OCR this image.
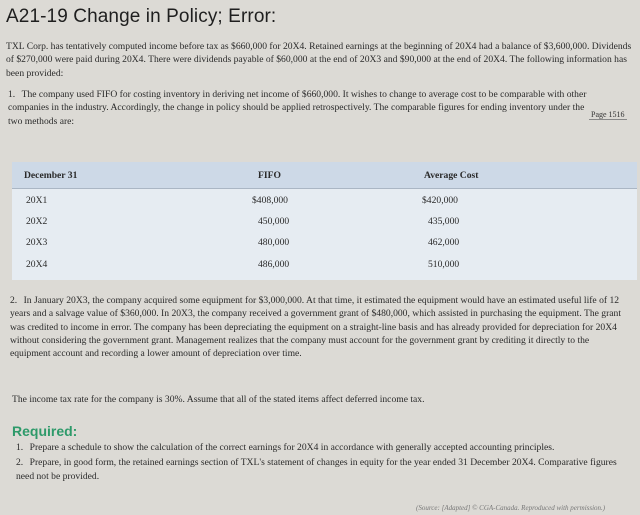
A21-19 Change in Policy; Error:
TXL Corp. has tentatively computed income before tax as $660,000 for 20X4. Retained earnings at the beginning of 20X4 had a balance of $3,600,000. Dividends of $270,000 were paid during 20X4. There were dividends payable of $60,000 at the end of 20X3 and $90,000 at the end of 20X4. The following information has been provided:
1. The company used FIFO for costing inventory in deriving net income of $660,000. It wishes to change to average cost to be comparable with other companies in the industry. Accordingly, the change in policy should be applied retrospectively. The comparable figures for ending inventory under the two methods are:
Page 1516
December 31	FIFO	Average Cost
20X1	$408,000	$420,000
20X2	450,000	435,000
20X3	480,000	462,000
20X4	486,000	510,000
2. In January 20X3, the company acquired some equipment for $3,000,000. At that time, it estimated the equipment would have an estimated useful life of 12 years and a salvage value of $360,000. In 20X3, the company received a government grant of $480,000, which assisted in purchasing the equipment. The grant was credited to income in error. The company has been depreciating the equipment on a straight-line basis and has already provided for depreciation for 20X4 without considering the government grant. Management realizes that the company must account for the government grant by crediting it directly to the equipment account and recording a lower amount of depreciation over time.
The income tax rate for the company is 30%. Assume that all of the stated items affect deferred income tax.
Required:
1. Prepare a schedule to show the calculation of the correct earnings for 20X4 in accordance with generally accepted accounting principles.
2. Prepare, in good form, the retained earnings section of TXL's statement of changes in equity for the year ended 31 December 20X4. Comparative figures need not be provided.
(Source: [Adapted] © CGA-Canada. Reproduced with permission.)
